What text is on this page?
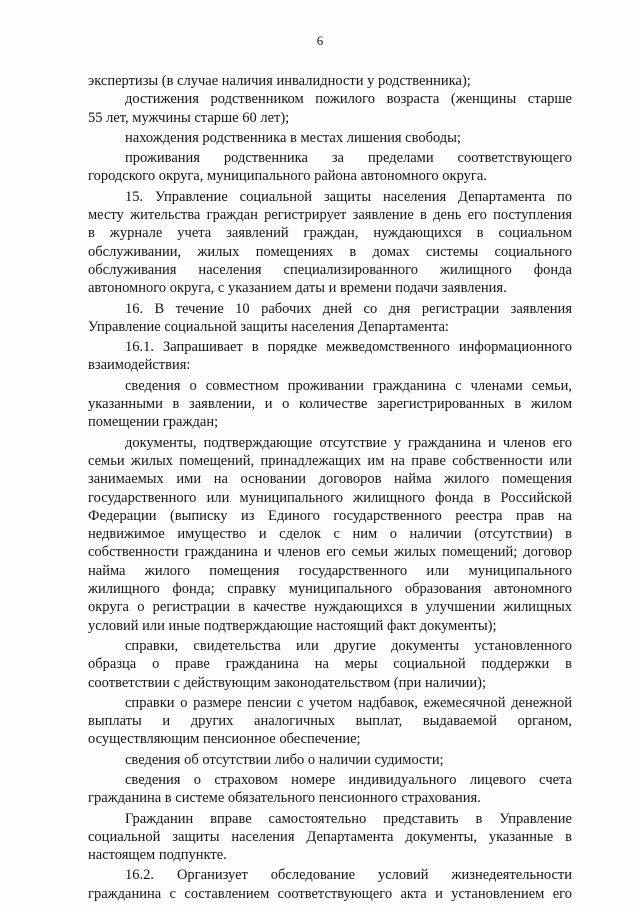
6
экспертизы (в случае наличия инвалидности у родственника);
достижения родственником пожилого возраста (женщины старше
55 лет, мужчины старше 60 лет);
нахождения родственника в местах лишения свободы;
проживания родственника за пределами соответствующего
городского округа, муниципального района автономного округа.
15. Управление социальной защиты населения Департамента по
месту жительства граждан регистрирует заявление в день его поступления
в журнале учета заявлений граждан, нуждающихся в социальном
обслуживании, жилых помещениях в домах системы социального
обслуживания населения специализированного жилищного фонда
автономного округа, с указанием даты и времени подачи заявления.
16. В течение 10 рабочих дней со дня регистрации заявления
Управление социальной защиты населения Департамента:
16.1. Запрашивает в порядке межведомственного информационного
взаимодействия:
сведения о совместном проживании гражданина с членами семьи,
указанными в заявлении, и о количестве зарегистрированных в жилом
помещении граждан;
документы, подтверждающие отсутствие у гражданина и членов его
семьи жилых помещений, принадлежащих им на праве собственности или
занимаемых ими на основании договоров найма жилого помещения
государственного или муниципального жилищного фонда в Российской
Федерации (выписку из Единого государственного реестра прав на
недвижимое имущество и сделок с ним о наличии (отсутствии) в
собственности гражданина и членов его семьи жилых помещений; договор
найма жилого помещения государственного или муниципального
жилищного фонда; справку муниципального образования автономного
округа о регистрации в качестве нуждающихся в улучшении жилищных
условий или иные подтверждающие настоящий факт документы);
справки, свидетельства или другие документы установленного
образца о праве гражданина на меры социальной поддержки в
соответствии с действующим законодательством (при наличии);
справки о размере пенсии с учетом надбавок, ежемесячной денежной
выплаты и других аналогичных выплат, выдаваемой органом,
осуществляющим пенсионное обеспечение;
сведения об отсутствии либо о наличии судимости;
сведения о страховом номере индивидуального лицевого счета
гражданина в системе обязательного пенсионного страхования.
Гражданин вправе самостоятельно представить в Управление
социальной защиты населения Департамента документы, указанные в
настоящем подпункте.
16.2. Организует обследование условий жизнедеятельности
гражданина с составлением соответствующего акта и установлением его
